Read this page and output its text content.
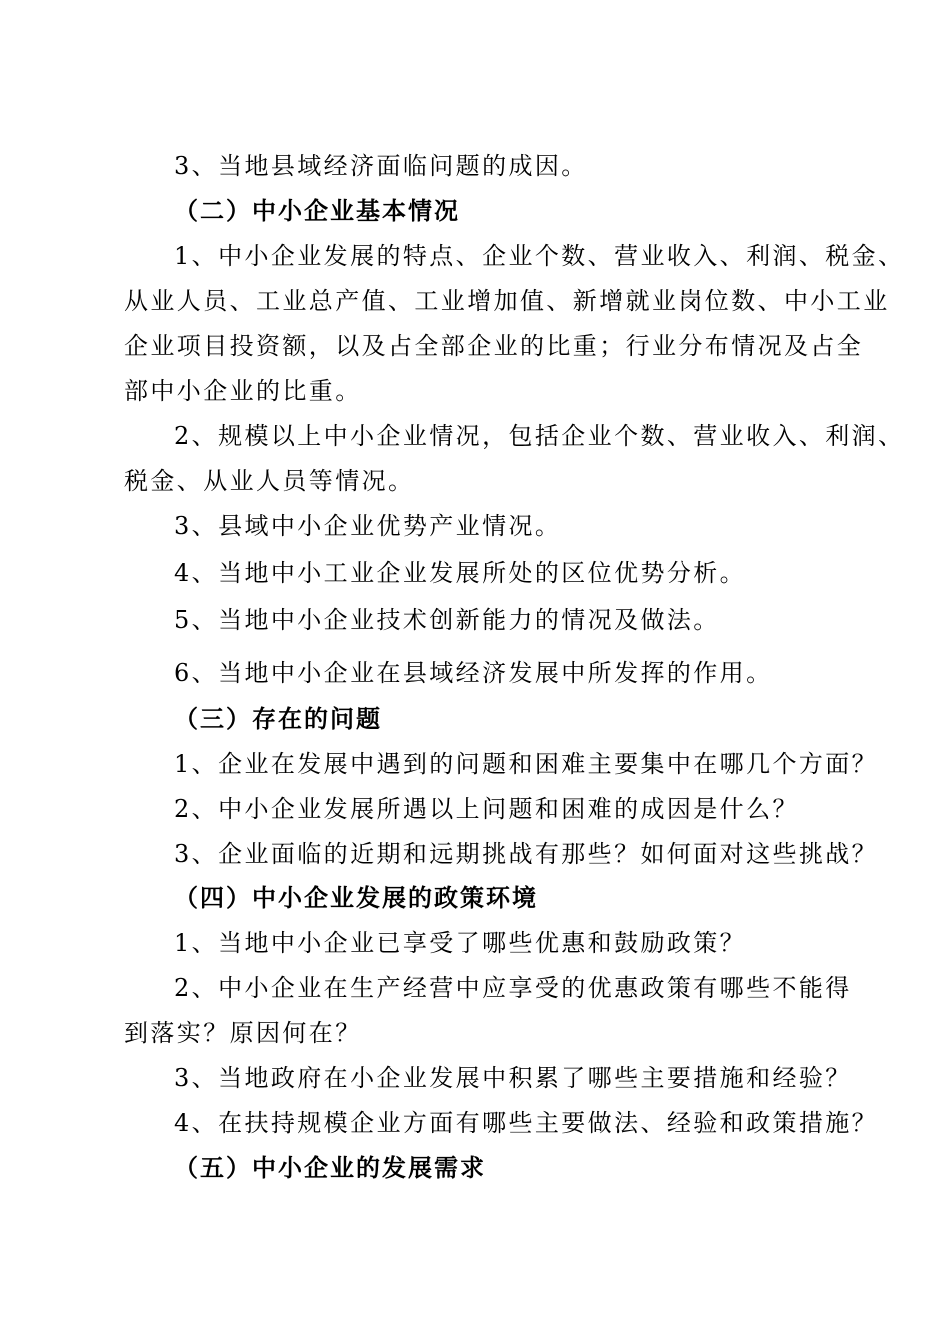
3、当地县域经济面临问题的成因。
（二）中小企业基本情况
1、中小企业发展的特点、企业个数、营业收入、利润、税金、
从业人员、工业总产值、工业增加值、新增就业岗位数、中小工业
企业项目投资额，以及占全部企业的比重；行业分布情况及占全
部中小企业的比重。
2、规模以上中小企业情况，包括企业个数、营业收入、利润、
税金、从业人员等情况。
3、县域中小企业优势产业情况。
4、当地中小工业企业发展所处的区位优势分析。
5、当地中小企业技术创新能力的情况及做法。
6、当地中小企业在县域经济发展中所发挥的作用。
（三）存在的问题
1、企业在发展中遇到的问题和困难主要集中在哪几个方面？
2、中小企业发展所遇以上问题和困难的成因是什么？
3、企业面临的近期和远期挑战有那些？如何面对这些挑战？
（四）中小企业发展的政策环境
1、当地中小企业已享受了哪些优惠和鼓励政策？
2、中小企业在生产经营中应享受的优惠政策有哪些不能得
到落实？原因何在？
3、当地政府在小企业发展中积累了哪些主要措施和经验？
4、在扶持规模企业方面有哪些主要做法、经验和政策措施？
（五）中小企业的发展需求
